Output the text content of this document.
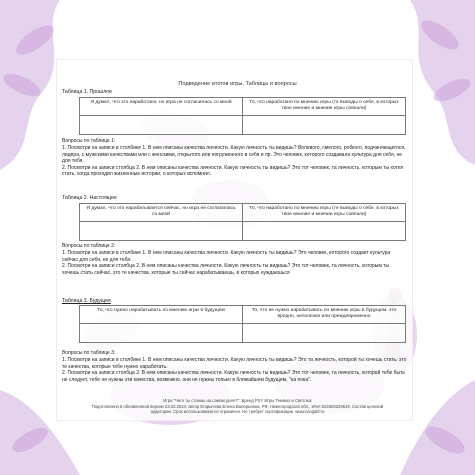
Подведение итогов игры. Таблицы и вопросы
Таблица 1. Прошлое
Я думал, что это наработано, но игра не согласилась со мной	То, что наработано по мнению игры (те выводы о себе, в которых твое мнение и мнение игры совпали)

Вопросы по таблице 1:

1. Посмотри на записи в столбике 1. В нем описаны качества личности. Какую личность ты видишь? Волевого, смелого, робкого, подчиняющегося, лидера, с мужскими качествами или с женскими, открытого или погруженного в себя и пр. Это человек, которого создавала культура для себя, не для тебя.

2. Посмотри на записи столбца 2. В нем описаны качества личности. Какую личность ты видишь? Это тот человек, та личность, которым ты хотел стать, когда проходил жизненные истории, о которых вспомнил.

Таблица 2. Настоящее
Я думал, что это нарабатывается сейчас, но игра не согласилась со мной	То, что наработано по мнению игры (те выводы о себе, в которых твое мнение и мнение игры совпали)

Вопросы по таблице 2:

1. Посмотри на записи в столбике 1. В нем описаны качества личности. Какую личность ты видишь? Это человек, которого создает культура сейчас для себя, не для тебя.

2. Посмотри на записи столбца 2. В нем описаны качества личности. Какую личность ты видишь? Это тот человек, та личность, которым ты хочешь стать сейчас, это те качества, которые ты сейчас нарабатываешь, в которых нуждаешься

Таблица 3. Будущее
То, что нужно нарабатывать по мнению игры в будущем	То, что не нужно нарабатывать по мнению игры в будущем, это вредно, неполезно или преждевременно

Вопросы по таблице 3:

1. Посмотри на записи в столбике 1. В нем описаны качества личности. Какую личность ты видишь? Это та личность, которой ты хочешь стать, это те качества, которые тебе нужно наработать.

2. Посмотри на записи столбца 2. В нем описаны качества личности. Какую личность ты видишь? Это тот человек, та личность, которой тебе быть не следует, тебе не нужны эти качества, возможно, они не нужны только в ближайшем будущем, "на пока".

Игра "Чего ты стоишь на самом деле?". Бренд PSY Игры Темных и Светлых
Подготовлено в обновленной версии 23.02.2024, автор Егорычева Елена Валерьевна, РФ, Нижегородская обл., ИНН 524925229619. Состав целевой аудитории. Срок использования не ограничен. Не требует сертификации. www.iviogold.ru
